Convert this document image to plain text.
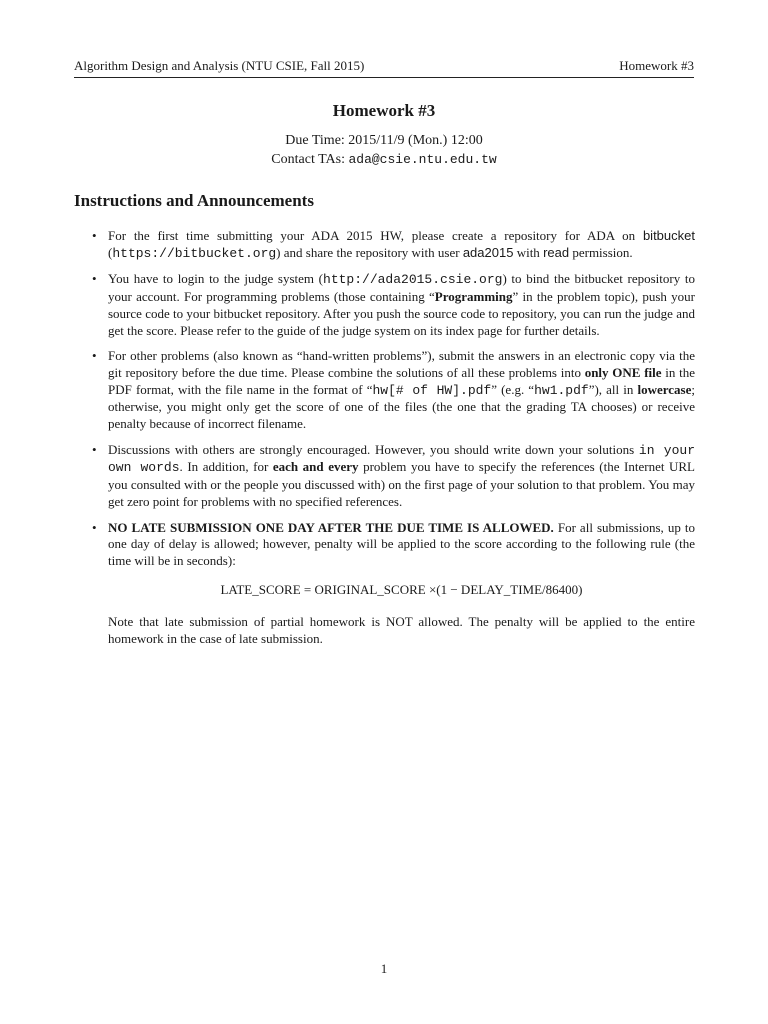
Algorithm Design and Analysis (NTU CSIE, Fall 2015)	Homework #3
Homework #3
Due Time: 2015/11/9 (Mon.) 12:00
Contact TAs: ada@csie.ntu.edu.tw
Instructions and Announcements
• For the first time submitting your ADA 2015 HW, please create a repository for ADA on bitbucket (https://bitbucket.org) and share the repository with user ada2015 with read permission.
• You have to login to the judge system (http://ada2015.csie.org) to bind the bitbucket repository to your account. For programming problems (those containing “Programming” in the problem topic), push your source code to your bitbucket repository. After you push the source code to repository, you can run the judge and get the score. Please refer to the guide of the judge system on its index page for further details.
• For other problems (also known as “hand-written problems”), submit the answers in an electronic copy via the git repository before the due time. Please combine the solutions of all these problems into only ONE file in the PDF format, with the file name in the format of “hw[# of HW].pdf” (e.g. “hw1.pdf”), all in lowercase; otherwise, you might only get the score of one of the files (the one that the grading TA chooses) or receive penalty because of incorrect filename.
• Discussions with others are strongly encouraged. However, you should write down your solutions in your own words. In addition, for each and every problem you have to specify the references (the Internet URL you consulted with or the people you discussed with) on the first page of your solution to that problem. You may get zero point for problems with no specified references.
• NO LATE SUBMISSION ONE DAY AFTER THE DUE TIME IS ALLOWED. For all submissions, up to one day of delay is allowed; however, penalty will be applied to the score according to the following rule (the time will be in seconds):
LATE_SCORE = ORIGINAL_SCORE ×(1 − DELAY_TIME/86400)
Note that late submission of partial homework is NOT allowed. The penalty will be applied to the entire homework in the case of late submission.
1
